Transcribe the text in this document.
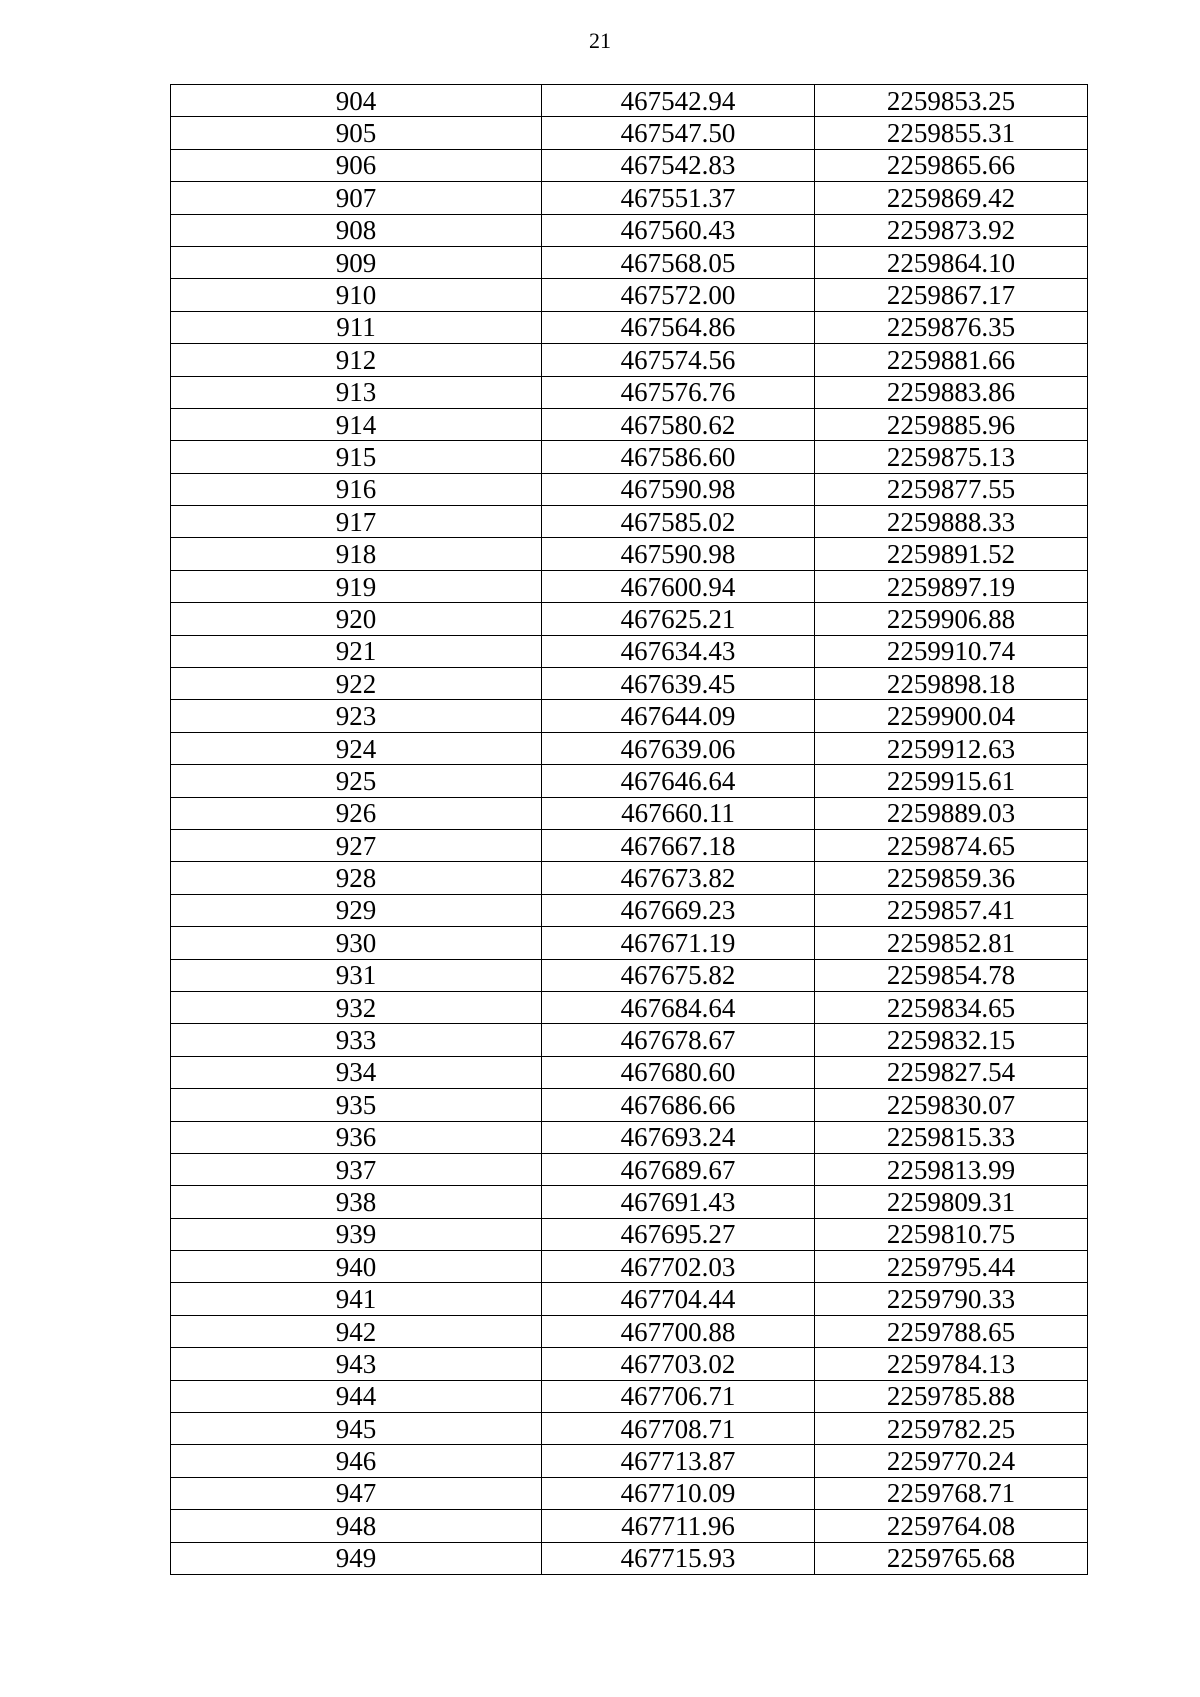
21
904	467542.94	2259853.25
905	467547.50	2259855.31
906	467542.83	2259865.66
907	467551.37	2259869.42
908	467560.43	2259873.92
909	467568.05	2259864.10
910	467572.00	2259867.17
911	467564.86	2259876.35
912	467574.56	2259881.66
913	467576.76	2259883.86
914	467580.62	2259885.96
915	467586.60	2259875.13
916	467590.98	2259877.55
917	467585.02	2259888.33
918	467590.98	2259891.52
919	467600.94	2259897.19
920	467625.21	2259906.88
921	467634.43	2259910.74
922	467639.45	2259898.18
923	467644.09	2259900.04
924	467639.06	2259912.63
925	467646.64	2259915.61
926	467660.11	2259889.03
927	467667.18	2259874.65
928	467673.82	2259859.36
929	467669.23	2259857.41
930	467671.19	2259852.81
931	467675.82	2259854.78
932	467684.64	2259834.65
933	467678.67	2259832.15
934	467680.60	2259827.54
935	467686.66	2259830.07
936	467693.24	2259815.33
937	467689.67	2259813.99
938	467691.43	2259809.31
939	467695.27	2259810.75
940	467702.03	2259795.44
941	467704.44	2259790.33
942	467700.88	2259788.65
943	467703.02	2259784.13
944	467706.71	2259785.88
945	467708.71	2259782.25
946	467713.87	2259770.24
947	467710.09	2259768.71
948	467711.96	2259764.08
949	467715.93	2259765.68
